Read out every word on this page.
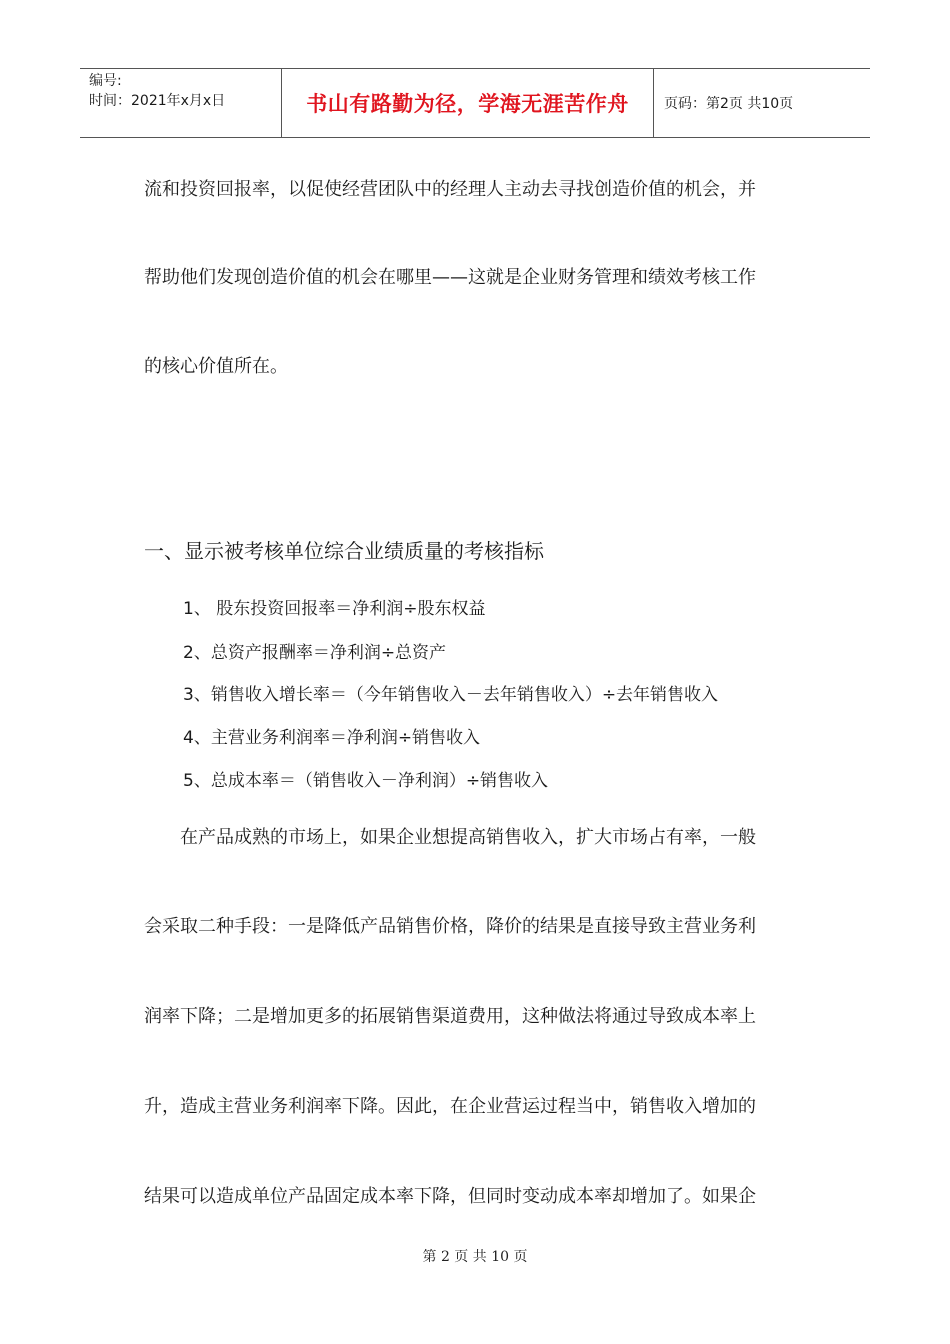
编号:
时间：2021年x月x日	书山有路勤为径，学海无涯苦作舟	页码：第2页 共10页
流和投资回报率，以促使经营团队中的经理人主动去寻找创造价值的机会，并
帮助他们发现创造价值的机会在哪里——这就是企业财务管理和绩效考核工作
的核心价值所在。
一、显示被考核单位综合业绩质量的考核指标
1、 股东投资回报率＝净利润÷股东权益
2、总资产报酬率＝净利润÷总资产
3、销售收入增长率＝（今年销售收入－去年销售收入）÷去年销售收入
4、主营业务利润率＝净利润÷销售收入
5、总成本率＝（销售收入－净利润）÷销售收入
在产品成熟的市场上，如果企业想提高销售收入，扩大市场占有率，一般
会采取二种手段：一是降低产品销售价格，降价的结果是直接导致主营业务利
润率下降；二是增加更多的拓展销售渠道费用，这种做法将通过导致成本率上
升，造成主营业务利润率下降。因此，在企业营运过程当中，销售收入增加的
结果可以造成单位产品固定成本率下降，但同时变动成本率却增加了。如果企
第 2 页 共 10 页
